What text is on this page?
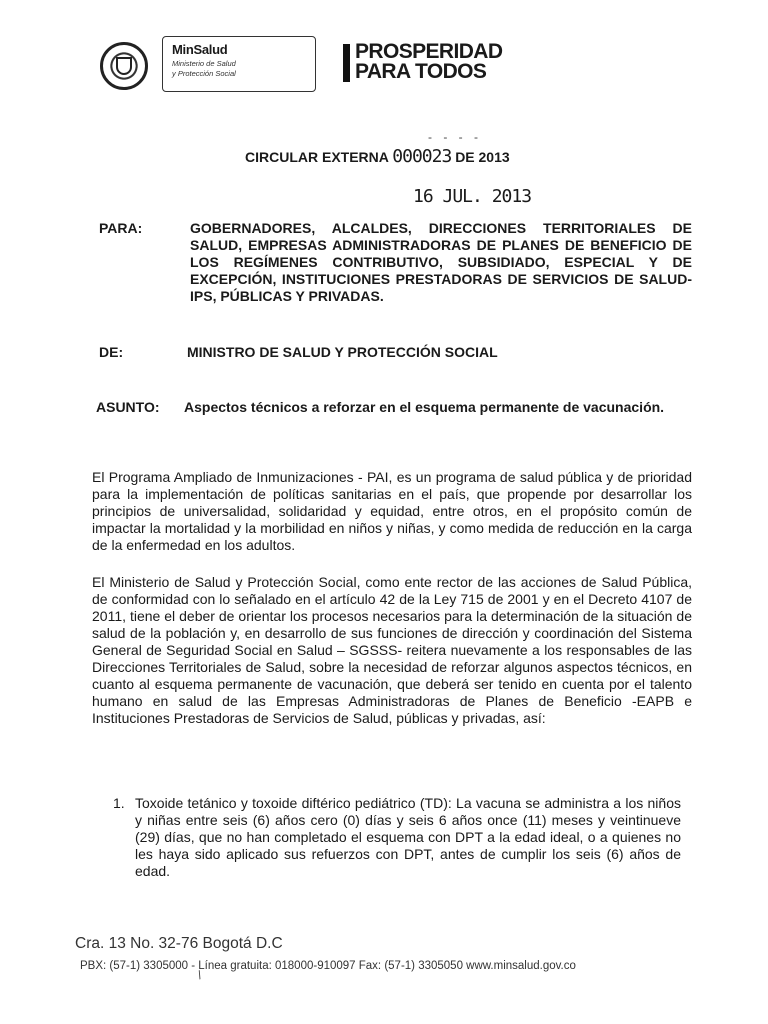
MinSalud
Ministerio de Salud
y Protección Social
PROSPERIDAD
PARA TODOS
‐ ‐ ‐ ‐
CIRCULAR EXTERNA 000023 DE 2013
16 JUL. 2013
PARA:	GOBERNADORES, ALCALDES, DIRECCIONES TERRITORIALES DE SALUD, EMPRESAS ADMINISTRADORAS DE PLANES DE BENEFICIO DE LOS REGÍMENES CONTRIBUTIVO, SUBSIDIADO, ESPECIAL Y DE EXCEPCIÓN, INSTITUCIONES PRESTADORAS DE SERVICIOS DE SALUD- IPS, PÚBLICAS Y PRIVADAS.
DE:	MINISTRO DE SALUD Y PROTECCIÓN SOCIAL
ASUNTO: Aspectos técnicos a reforzar en el esquema permanente de vacunación.
El Programa Ampliado de Inmunizaciones - PAI, es un programa de salud pública y de prioridad para la implementación de políticas sanitarias en el país, que propende por desarrollar los principios de universalidad, solidaridad y equidad, entre otros, en el propósito común de impactar la mortalidad y la morbilidad en niños y niñas, y como medida de reducción en la carga de la enfermedad en los adultos.
El Ministerio de Salud y Protección Social, como ente rector de las acciones de Salud Pública, de conformidad con lo señalado en el artículo 42 de la Ley 715 de 2001 y en el Decreto 4107 de 2011, tiene el deber de orientar los procesos necesarios para la determinación de la situación de salud de la población y, en desarrollo de sus funciones de dirección y coordinación del Sistema General de Seguridad Social en Salud – SGSSS- reitera nuevamente a los responsables de las Direcciones Territoriales de Salud, sobre la necesidad de reforzar algunos aspectos técnicos, en cuanto al esquema permanente de vacunación, que deberá ser tenido en cuenta por el talento humano en salud de las Empresas Administradoras de Planes de Beneficio -EAPB e Instituciones Prestadoras de Servicios de Salud, públicas y privadas, así:
1. Toxoide tetánico y toxoide diftérico pediátrico (TD): La vacuna se administra a los niños y niñas entre seis (6) años cero (0) días y seis 6 años once (11) meses y veintinueve (29) días, que no han completado el esquema con DPT a la edad ideal, o a quienes no les haya sido aplicado sus refuerzos con DPT, antes de cumplir los seis (6) años de edad.
Cra. 13 No. 32-76 Bogotá D.C
PBX: (57-1) 3305000 - Línea gratuita: 018000-910097 Fax: (57-1) 3305050 www.minsalud.gov.co
/
